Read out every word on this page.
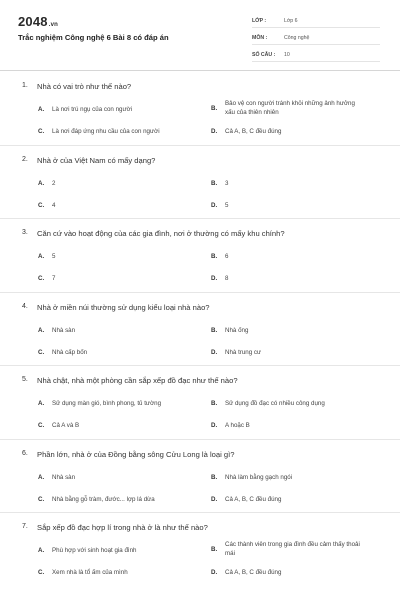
2048.vn
Trắc nghiệm Công nghệ 6 Bài 8 có đáp án
LỚP :	Lớp 6
MÔN :	Công nghệ
SỐ CÂU :	10
1.	Nhà có vai trò như thế nào?
A.	Là nơi trú ngụ của con người	B.
Bảo vệ con người tránh khỏi những ảnh hưởng xấu của thiên nhiên
C.	Là nơi đáp ứng nhu cầu của con người	D.	Cả A, B, C đều đúng
2.	Nhà ở của Việt Nam có mấy dạng?
A.	2	B.	3
C.	4	D.	5
3.	Căn cứ vào hoạt động của các gia đình, nơi ở thường có mấy khu chính?
A.	5	B.	6
C.	7	D.	8
4.	Nhà ở miền núi thường sử dụng kiểu loại nhà nào?
A.	Nhà sàn	B.	Nhà ống
C.	Nhà cấp bốn	D.	Nhà trung cư
5.	Nhà chật, nhà một phòng cần sắp xếp đồ đạc như thế nào?
A.	Sử dụng màn gió, bình phong, tủ tường	B.	Sử dụng đồ đạc có nhiều công dụng
C.	Cả A và B	D.	A hoặc B
6.	Phần lớn, nhà ở của Đồng bằng sông Cửu Long là loại gì?
A.	Nhà sàn	B.	Nhà làm bằng gạch ngói
C.	Nhà bằng gỗ tràm, đước... lợp lá dừa	D.	Cả A, B, C đều đúng
7.	Sắp xếp đồ đạc hợp lí trong nhà ở là như thế nào?
A.	Phù hợp với sinh hoạt gia đình	B.
Các thành viên trong gia đình đều cảm thấy thoải mái
C.	Xem nhà là tổ ấm của mình	D.	Cả A, B, C đều đúng
